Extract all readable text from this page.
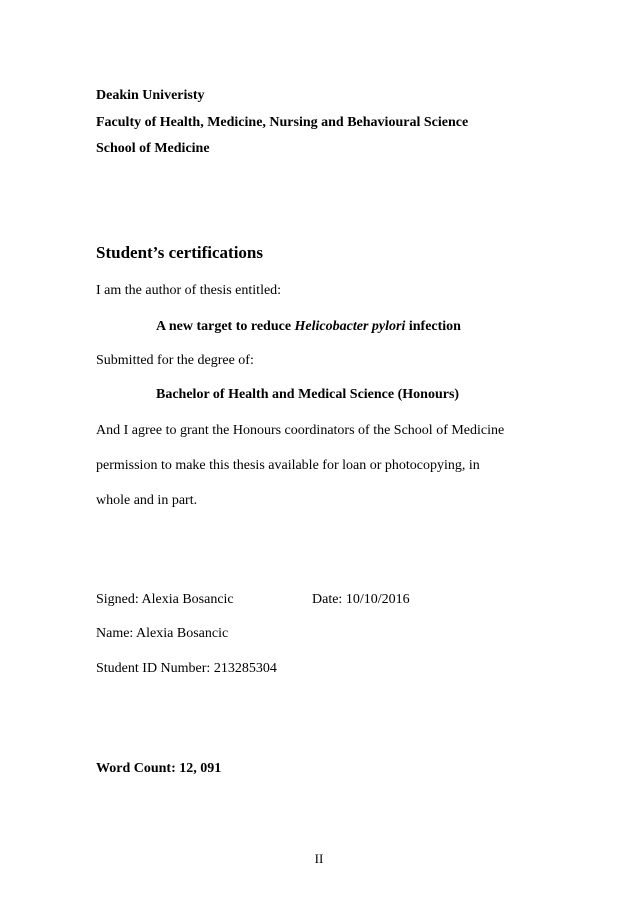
Deakin Univeristy
Faculty of Health, Medicine, Nursing and Behavioural Science
School of Medicine
Student’s certifications
I am the author of thesis entitled:
A new target to reduce Helicobacter pylori infection
Submitted for the degree of:
Bachelor of Health and Medical Science (Honours)
And I agree to grant the Honours coordinators of the School of Medicine
permission to make this thesis available for loan or photocopying, in
whole and in part.
Signed: Alexia Bosancic	Date: 10/10/2016
Name: Alexia Bosancic
Student ID Number: 213285304
Word Count: 12, 091
II
